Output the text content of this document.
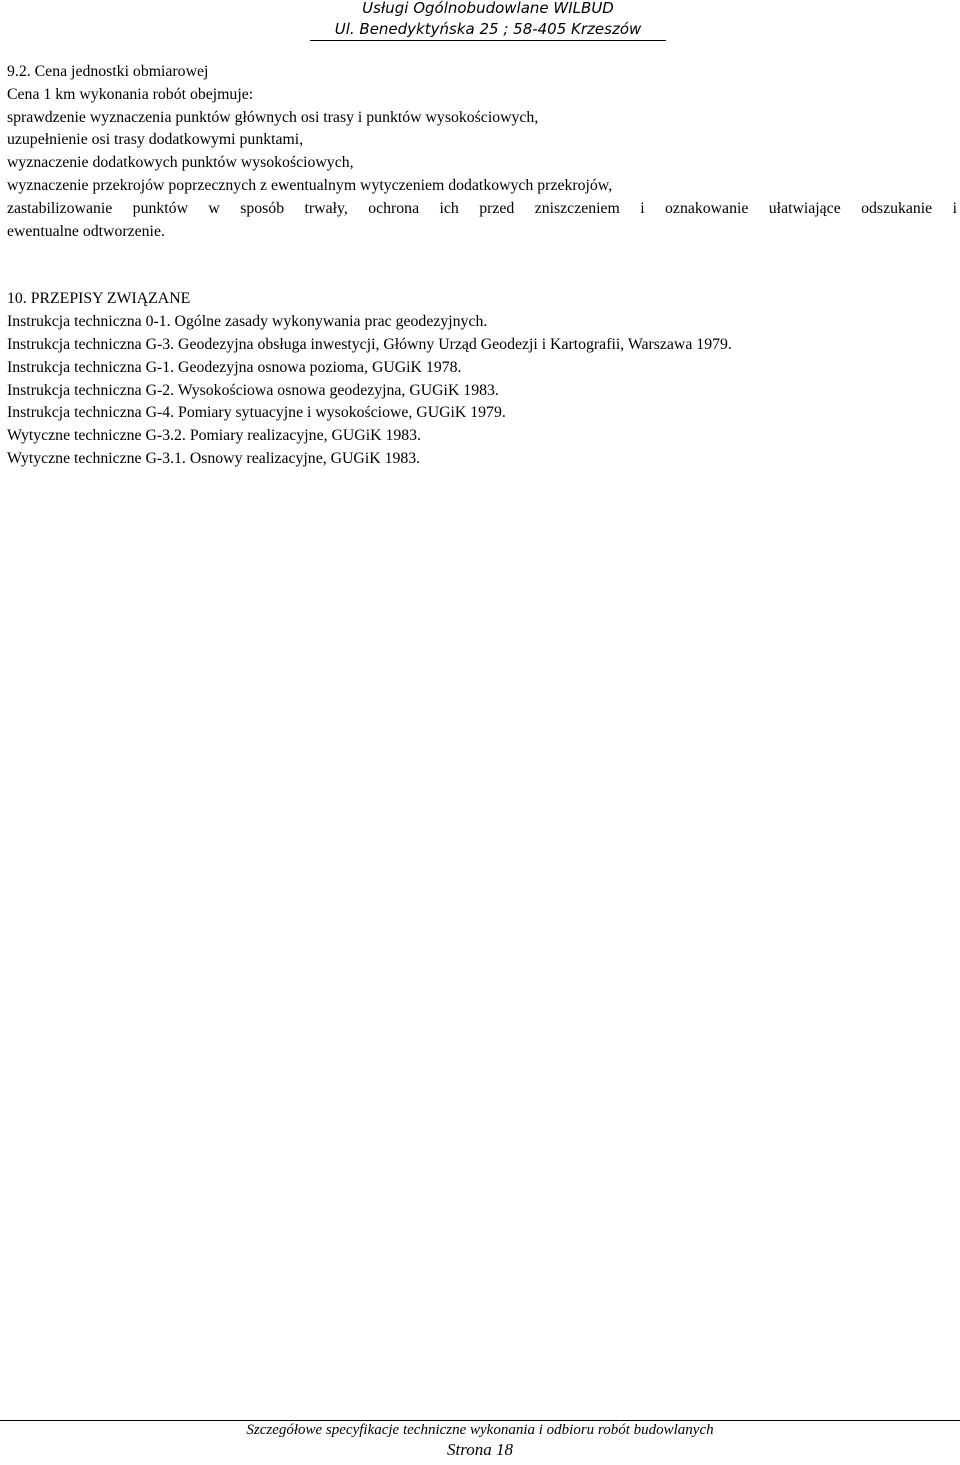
Usługi Ogólnobudowlane WILBUD
Ul. Benedyktyńska 25 ; 58-405 Krzeszów
9.2. Cena jednostki obmiarowej
Cena 1 km wykonania robót obejmuje:
sprawdzenie wyznaczenia punktów głównych osi trasy i punktów wysokościowych,
uzupełnienie osi trasy dodatkowymi punktami,
wyznaczenie dodatkowych punktów wysokościowych,
wyznaczenie przekrojów poprzecznych z ewentualnym wytyczeniem dodatkowych przekrojów,
zastabilizowanie punktów w sposób trwały, ochrona ich przed zniszczeniem i oznakowanie ułatwiające odszukanie i
ewentualne odtworzenie.
10. PRZEPISY ZWIĄZANE
Instrukcja techniczna 0-1. Ogólne zasady wykonywania prac geodezyjnych.
Instrukcja techniczna G-3. Geodezyjna obsługa inwestycji, Główny Urząd Geodezji i Kartografii, Warszawa 1979.
Instrukcja techniczna G-1. Geodezyjna osnowa pozioma, GUGiK 1978.
Instrukcja techniczna G-2. Wysokościowa osnowa geodezyjna, GUGiK 1983.
Instrukcja techniczna G-4. Pomiary sytuacyjne i wysokościowe, GUGiK 1979.
Wytyczne techniczne G-3.2. Pomiary realizacyjne, GUGiK 1983.
Wytyczne techniczne G-3.1. Osnowy realizacyjne, GUGiK 1983.
Szczegółowe specyfikacje techniczne wykonania i odbioru robót budowlanych
Strona 18
